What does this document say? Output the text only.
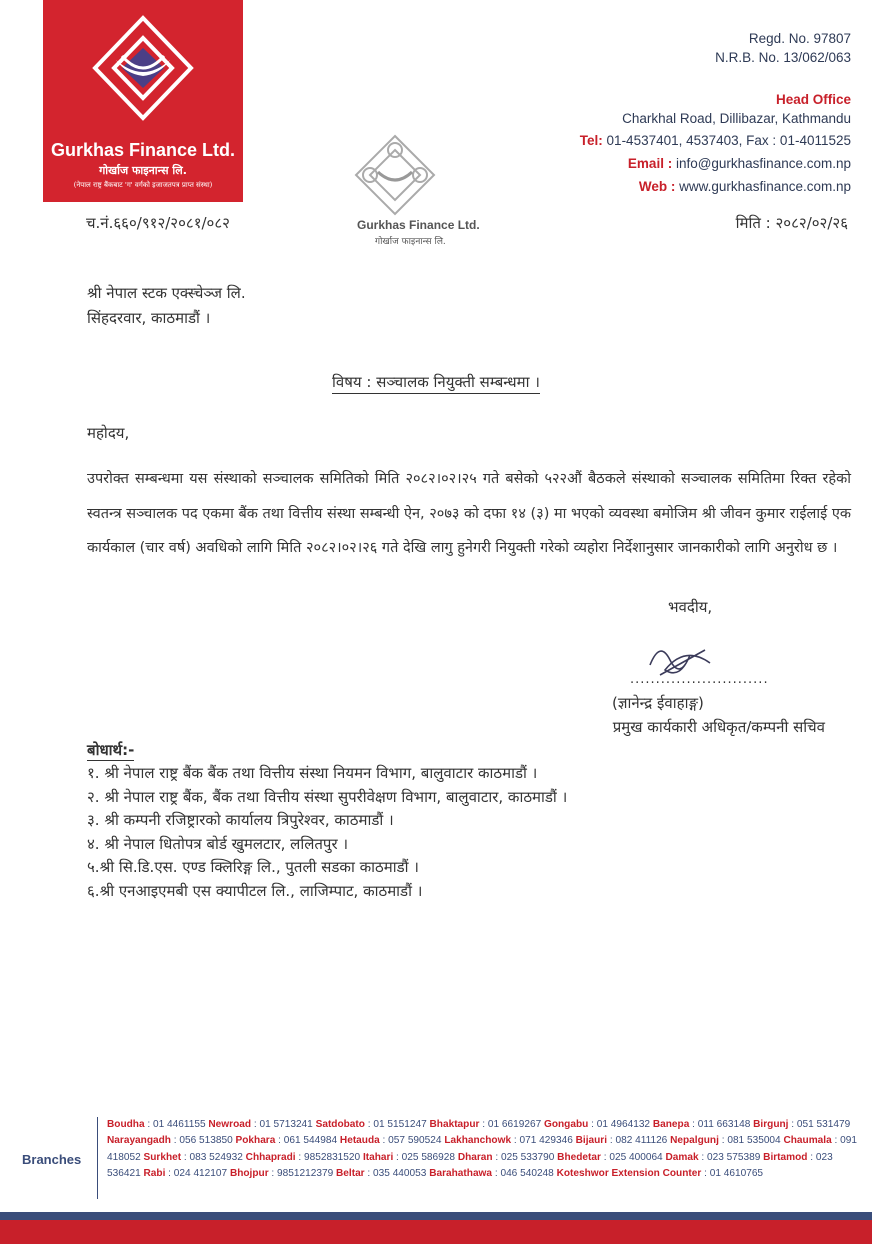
Gurkhas Finance Ltd.
गोर्खाज फाइनान्स लि.
(नेपाल राष्ट्र बैंकबाट 'ग' वर्गको इजाजतपत्र प्राप्त संस्था)
Gurkhas Finance Ltd.
गोर्खाज फाइनान्स लि.
Regd. No. 97807
N.R.B. No. 13/062/063
Head Office
Charkhal Road, Dillibazar, Kathmandu
Tel: 01-4537401, 4537403, Fax : 01-4011525
Email : info@gurkhasfinance.com.np
Web : www.gurkhasfinance.com.np
च.नं.६६०/९१२/२०८१/०८२	मिति : २०८२/०२/२६
श्री नेपाल स्टक एक्स्चेञ्ज लि.
सिंहदरवार, काठमाडौं ।
विषय : सञ्चालक नियुक्ती सम्बन्धमा ।
महोदय,
उपरोक्त सम्बन्धमा यस संस्थाको सञ्चालक समितिको मिति २०८२।०२।२५ गते बसेको ५२२औं बैठकले संस्थाको सञ्चालक समितिमा रिक्त रहेको स्वतन्त्र सञ्चालक पद एकमा बैंक तथा वित्तीय संस्था सम्बन्धी ऐन, २०७३ को दफा १४ (३) मा भएको व्यवस्था बमोजिम श्री जीवन कुमार राईलाई एक कार्यकाल (चार वर्ष) अवधिको लागि मिति २०८२।०२।२६ गते देखि लागु हुनेगरी नियुक्ती गरेको व्यहोरा निर्देशानुसार जानकारीको लागि अनुरोध छ ।
भवदीय,
...........................
(ज्ञानेन्द्र ईवाहाङ्ग)
प्रमुख कार्यकारी अधिकृत/कम्पनी सचिव
बोधार्थ:-
१. श्री नेपाल राष्ट्र बैंक बैंक तथा वित्तीय संस्था नियमन विभाग, बालुवाटार काठमाडौं ।
२. श्री नेपाल राष्ट्र बैंक, बैंक तथा वित्तीय संस्था सुपरीवेक्षण विभाग, बालुवाटार, काठमाडौं ।
३. श्री कम्पनी रजिष्ट्रारको कार्यालय त्रिपुरेश्वर, काठमाडौं ।
४. श्री नेपाल धितोपत्र बोर्ड खुमलटार, ललितपुर ।
५.श्री सि.डि.एस. एण्ड क्लिरिङ्ग लि., पुतली सडका काठमाडौं ।
६.श्री एनआइएमबी एस क्यापीटल लि., लाजिम्पाट, काठमाडौं ।
Branches
Boudha : 01 4461155 Newroad : 01 5713241 Satdobato : 01 5151247 Bhaktapur : 01 6619267 Gongabu : 01 4964132 Banepa : 011 663148 Birgunj : 051 531479 Narayangadh : 056 513850 Pokhara : 061 544984 Hetauda : 057 590524 Lakhanchowk : 071 429346 Bijauri : 082 411126 Nepalgunj : 081 535004 Chaumala : 091 418052 Surkhet : 083 524932 Chhapradi : 9852831520 Itahari : 025 586928 Dharan : 025 533790 Bhedetar : 025 400064 Damak : 023 575389 Birtamod : 023 536421 Rabi : 024 412107 Bhojpur : 9851212379 Beltar : 035 440053 Barahathawa : 046 540248 Koteshwor Extension Counter : 01 4610765
